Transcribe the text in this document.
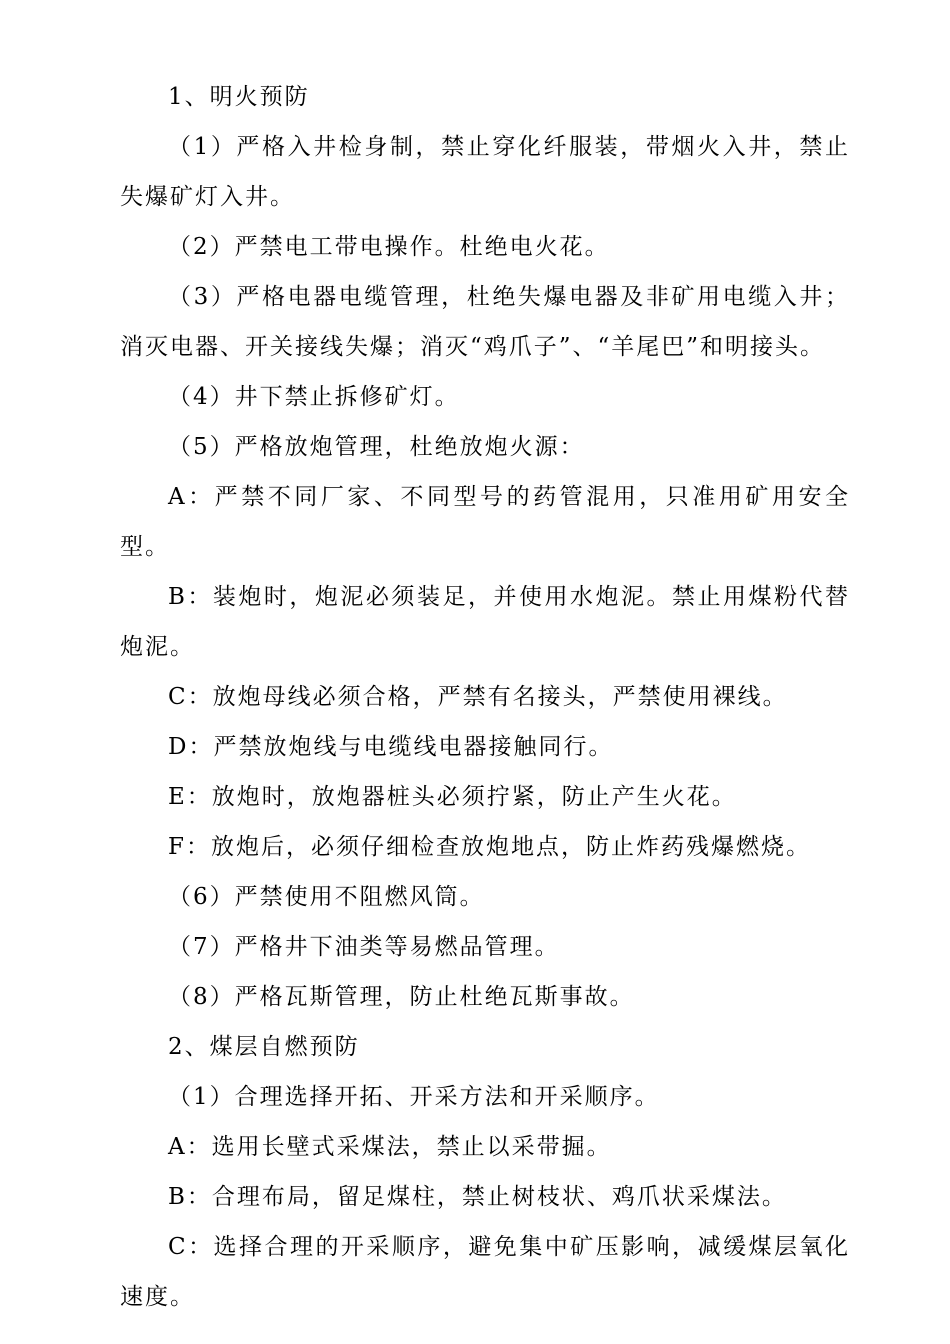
1、明火预防

（1）严格入井检身制，禁止穿化纤服装，带烟火入井，禁止失爆矿灯入井。

（2）严禁电工带电操作。杜绝电火花。

（3）严格电器电缆管理，杜绝失爆电器及非矿用电缆入井；消灭电器、开关接线失爆；消灭“鸡爪子”、“羊尾巴”和明接头。

（4）井下禁止拆修矿灯。

（5）严格放炮管理，杜绝放炮火源：

A：严禁不同厂家、不同型号的药管混用，只准用矿用安全型。

B：装炮时，炮泥必须装足，并使用水炮泥。禁止用煤粉代替炮泥。

C：放炮母线必须合格，严禁有名接头，严禁使用裸线。

D：严禁放炮线与电缆线电器接触同行。

E：放炮时，放炮器桩头必须拧紧，防止产生火花。

F：放炮后，必须仔细检查放炮地点，防止炸药残爆燃烧。

（6）严禁使用不阻燃风筒。

（7）严格井下油类等易燃品管理。

（8）严格瓦斯管理，防止杜绝瓦斯事故。

2、煤层自燃预防

（1）合理选择开拓、开采方法和开采顺序。

A：选用长壁式采煤法，禁止以采带掘。

B：合理布局，留足煤柱，禁止树枝状、鸡爪状采煤法。

C：选择合理的开采顺序，避免集中矿压影响，减缓煤层氧化速度。
